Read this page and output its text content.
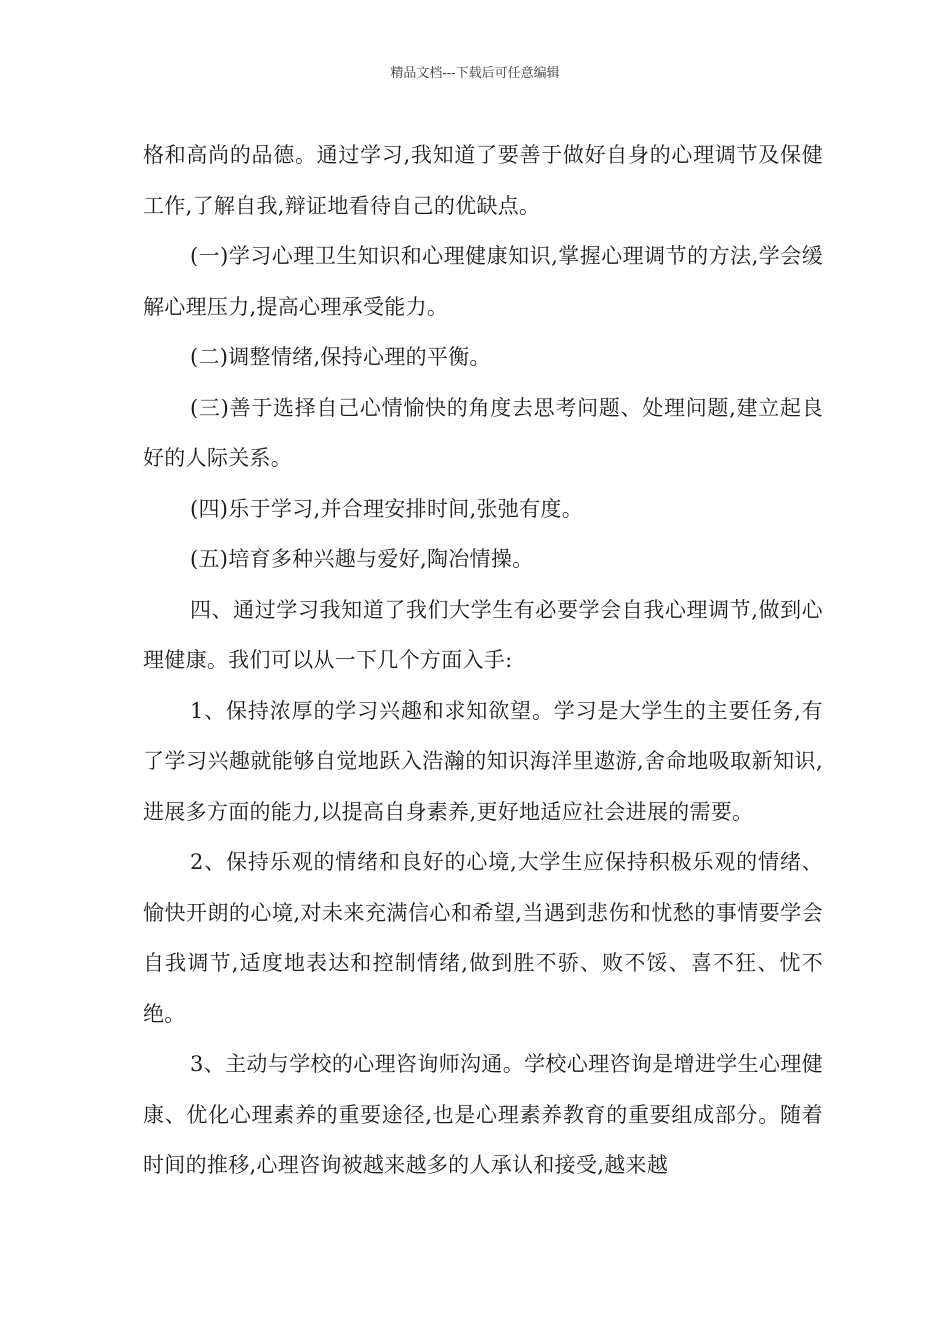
精品文档---下载后可任意编辑

格和高尚的品德。通过学习,我知道了要善于做好自身的心理调节及保健工作,了解自我,辩证地看待自己的优缺点。

(一)学习心理卫生知识和心理健康知识,掌握心理调节的方法,学会缓解心理压力,提高心理承受能力。

(二)调整情绪,保持心理的平衡。

(三)善于选择自己心情愉快的角度去思考问题、处理问题,建立起良好的人际关系。

(四)乐于学习,并合理安排时间,张弛有度。

(五)培育多种兴趣与爱好,陶冶情操。

四、通过学习我知道了我们大学生有必要学会自我心理调节,做到心理健康。我们可以从一下几个方面入手:

1、保持浓厚的学习兴趣和求知欲望。学习是大学生的主要任务,有了学习兴趣就能够自觉地跃入浩瀚的知识海洋里遨游,舍命地吸取新知识,进展多方面的能力,以提高自身素养,更好地适应社会进展的需要。

2、保持乐观的情绪和良好的心境,大学生应保持积极乐观的情绪、愉快开朗的心境,对未来充满信心和希望,当遇到悲伤和忧愁的事情要学会自我调节,适度地表达和控制情绪,做到胜不骄、败不馁、喜不狂、忧不绝。

3、主动与学校的心理咨询师沟通。学校心理咨询是增进学生心理健康、优化心理素养的重要途径,也是心理素养教育的重要组成部分。随着时间的推移,心理咨询被越来越多的人承认和接受,越来越
